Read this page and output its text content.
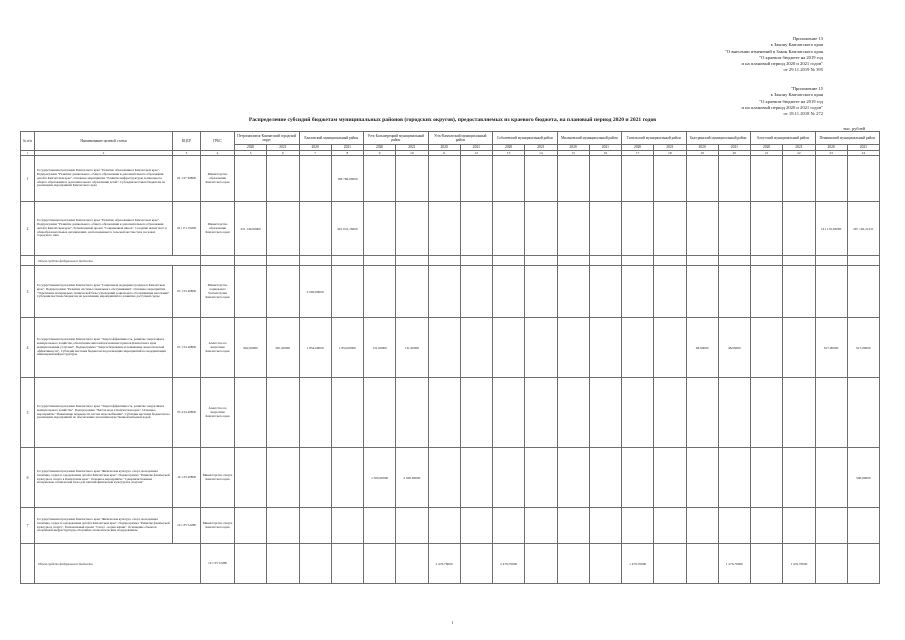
Приложение 13
к Закону Камчатского края
"О внесении изменений в Закон Камчатского края
"О краевом бюджете на 2019 год
и на плановый период 2020 и 2021 годов"
от 29.11.2019 № 395
"Приложение 15
к Закону Камчатского края
"О краевом бюджете на 2019 год
и на плановый период 2020 и 2021 годов"
от 18.11.2018 № 272
Распределение субсидий бюджетам муниципальных районов (городских округов), предоставляемых из краевого бюджета, на плановый период 2020 и 2021 годов
тыс. рублей
№ п/п	Наименование целевой статьи	КЦСР	ГРБС	Петропавловск-Камчатский городской округ		Елизовский муниципальный район		Усть-Большерецкий муниципальный район		Усть-Камчатский муниципальный район		Соболевский муниципальный район		Мильковский муниципальный район		Тигильский муниципальный район		Быстринский муниципальный район		Алеутский муниципальный район		Пенжинский муниципальный район	
				2020	2021	2020	2021	2020	2021	2020	2021	2020	2021	2020	2021	2020	2021	2020	2021	2020	2021	2020	2021
1	2	3	4	5	6	7	8	9	10	11	12	13	14	15	16	17	18	19	20	21	22	23	24
1	Государственная программа Камчатского края "Развитие образования в Камчатском крае". Подпрограмма "Развитие дошкольного, общего образования и дополнительного образования детей в Камчатском крае". Основное мероприятие "Развитие инфраструктуры дошкольного, общего образования и дополнительного образования детей". Субсидии местным бюджетам на реализацию мероприятий Камчатского края	02 1 07 4080Б	Министерство образования Камчатского края				166 766,00000																
2	Государственная программа Камчатского края "Развитие образования в Камчатском крае". Подпрограмма "Развитие дошкольного, общего образования и дополнительного образования детей в Камчатском крае". Региональный проект "Современная школа". Создание новых мест в общеобразовательных организациях, расположенных в сельской местности и поселках городского типа	02 1 Е1 5520Б	Министерство образования Камчатского края	231 149,00000			491 041,16000															141 176,63000	267 192,21231
	Объем средств федерального бюджета																						
3	Государственная программа Камчатского края "Социальная поддержка граждан в Камчатском крае". Подпрограмма "Развитие системы социального обслуживания". Основное мероприятие "Укрепление материально-технической базы учреждений социального обслуживания населения". Субсидии местным бюджетам на реализацию мероприятий по развитию доступной среды	03 1 03 4080Б	Министерство социального благополучия Камчатского края			2 000,00000																	
4	Государственная программа Камчатского края "Энергоэффективность, развитие энергетики и коммунального хозяйства, обеспечение жителей населенных пунктов Камчатского края коммунальными услугами". Подпрограмма "Энергосбережение и повышение энергетической эффективности". Субсидии местным бюджетам на реализацию мероприятий по модернизации инженерной инфраструктуры	05 1 04 4080Б	Агентство по энергетике Камчатского края	962,00000	961,00000	1 854,00000	1 852,00000	131,00000	131,00000									48,00000	48,00000			917,00000	917,00000
5	Государственная программа Камчатского края "Энергоэффективность, развитие энергетики и коммунального хозяйства". Подпрограмма "Чистая вода в Камчатском крае". Основное мероприятие "Повышение надежности систем водоснабжения". Субсидии местным бюджетам на реализацию мероприятий по обеспечению населения качественной питьевой водой	05 4 04 4080Б	Агентство по энергетике Камчатского края																				
6	Государственная программа Камчатского края "Физическая культура, спорт, молодежная политика, отдых и оздоровление детей в Камчатском крае". Подпрограмма "Развитие физической культуры и спорта в Камчатском крае". Основное мероприятие "Совершенствование материально-технической базы для занятий физической культурой и спортом"	10 1 03 4080Б	Министерство спорта Камчатского края					1 500,00000	2 500,00000														500,00000
7	Государственная программа Камчатского края "Физическая культура, спорт, молодежная политика, отдых и оздоровление детей в Камчатском крае". Подпрограмма "Развитие физической культуры и спорта". Региональный проект "Спорт - норма жизни". Оснащение объектов спортивной инфраструктуры спортивно-технологическим оборудованием	10 1 P5 5228Б	Министерство спорта Камчатского края																				
	Объем средств федерального бюджета		10 1 P5 5228Б							2 476,70000		2 476,70000				1 476,70000			1 476,70000		1 476,70000		
1
